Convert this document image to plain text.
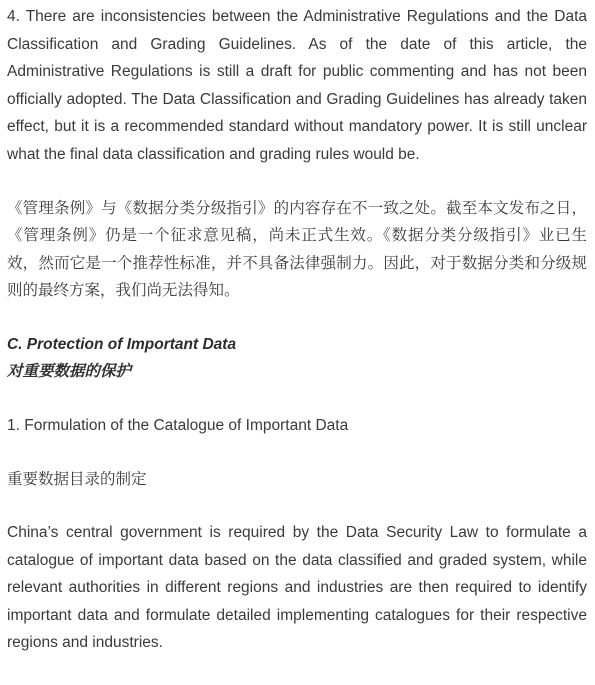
4. There are inconsistencies between the Administrative Regulations and the Data Classification and Grading Guidelines. As of the date of this article, the Administrative Regulations is still a draft for public commenting and has not been officially adopted. The Data Classification and Grading Guidelines has already taken effect, but it is a recommended standard without mandatory power. It is still unclear what the final data classification and grading rules would be.

《管理条例》与《数据分类分级指引》的内容存在不一致之处。截至本文发布之日，《管理条例》仍是一个征求意见稿，尚未正式生效。《数据分类分级指引》业已生效，然而它是一个推荐性标准，并不具备法律强制力。因此，对于数据分类和分级规则的最终方案，我们尚无法得知。

C. Protection of Important Data
对重要数据的保护
1. Formulation of the Catalogue of Important Data
重要数据目录的制定

China’s central government is required by the Data Security Law to formulate a catalogue of important data based on the data classified and graded system, while relevant authorities in different regions and industries are then required to identify important data and formulate detailed implementing catalogues for their respective regions and industries.
